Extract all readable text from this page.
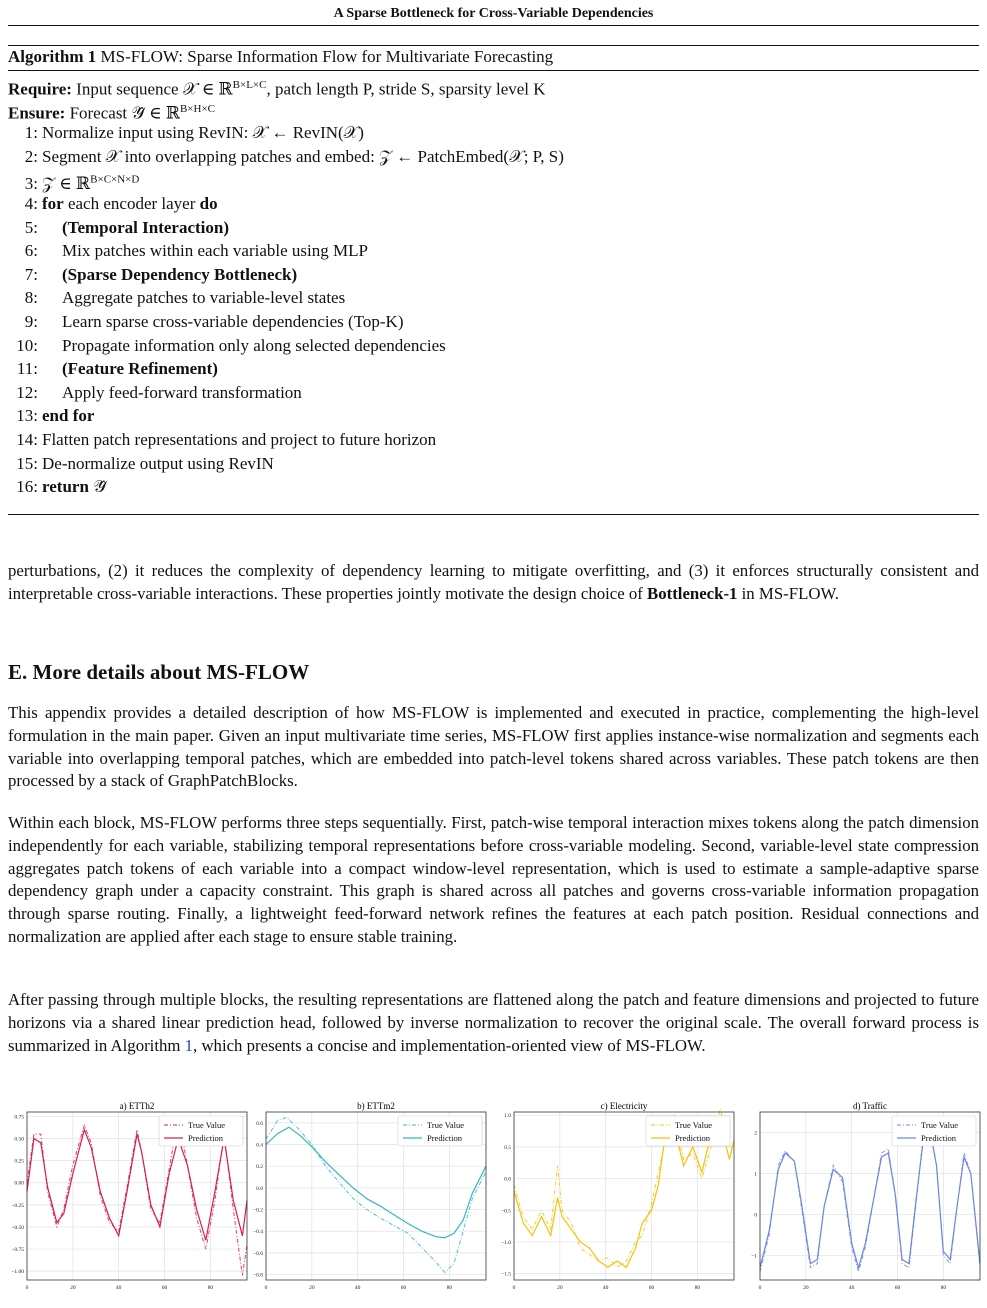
A Sparse Bottleneck for Cross-Variable Dependencies
Algorithm 1 MS-FLOW: Sparse Information Flow for Multivariate Forecasting
Require: Input sequence 𝒳 ∈ ℝ$^{B\times L\times C}$, patch length P, stride S, sparsity level K
Ensure: Forecast 𝒴̂ ∈ ℝ$^{B\times H\times C}$
1: Normalize input using RevIN: 𝒳 ← RevIN(𝒳)
2: Segment 𝒳 into overlapping patches and embed: 𝒵 ← PatchEmbed(𝒳; P, S)
3: 𝒵 ∈ ℝ$^{B\times C\times N\times D}$
4: for each encoder layer do
5: (Temporal Interaction)
6: Mix patches within each variable using MLP
7: (Sparse Dependency Bottleneck)
8: Aggregate patches to variable-level states
9: Learn sparse cross-variable dependencies (Top-K)
10: Propagate information only along selected dependencies
11: (Feature Refinement)
12: Apply feed-forward transformation
13: end for
14: Flatten patch representations and project to future horizon
15: De-normalize output using RevIN
16: return 𝒴̂
perturbations, (2) it reduces the complexity of dependency learning to mitigate overfitting, and (3) it enforces structurally consistent and interpretable cross-variable interactions. These properties jointly motivate the design choice of Bottleneck-1 in MS-FLOW.
E. More details about MS-FLOW
This appendix provides a detailed description of how MS-FLOW is implemented and executed in practice, complementing the high-level formulation in the main paper. Given an input multivariate time series, MS-FLOW first applies instance-wise normalization and segments each variable into overlapping temporal patches, which are embedded into patch-level tokens shared across variables. These patch tokens are then processed by a stack of GraphPatchBlocks.
Within each block, MS-FLOW performs three steps sequentially. First, patch-wise temporal interaction mixes tokens along the patch dimension independently for each variable, stabilizing temporal representations before cross-variable modeling. Second, variable-level state compression aggregates patch tokens of each variable into a compact window-level representation, which is used to estimate a sample-adaptive sparse dependency graph under a capacity constraint. This graph is shared across all patches and governs cross-variable information propagation through sparse routing. Finally, a lightweight feed-forward network refines the features at each patch position. Residual connections and normalization are applied after each stage to ensure stable training.
After passing through multiple blocks, the resulting representations are flattened along the patch and feature dimensions and projected to future horizons via a shared linear prediction head, followed by inverse normalization to recover the original scale. The overall forward process is summarized in Algorithm 1, which presents a concise and implementation-oriented view of MS-FLOW.
a) ETTh2
0.75
0.50
0.25
0.00
−0.25
−0.50
−0.75
−1.00
0	20	40	60	80
True Value
Prediction
b) ETTm2
0.6
0.4
0.2
0.0
−0.2
−0.4
−0.6
−0.8
0	20	40	60	80
True Value
Prediction
c) Electricity
1.0
0.5
0.0
−0.5
−1.0
−1.5
0	20	40	60	80
True Value
Prediction
d) Traffic
2
1
0
−1
0	20	40	60	80
True Value
Prediction
